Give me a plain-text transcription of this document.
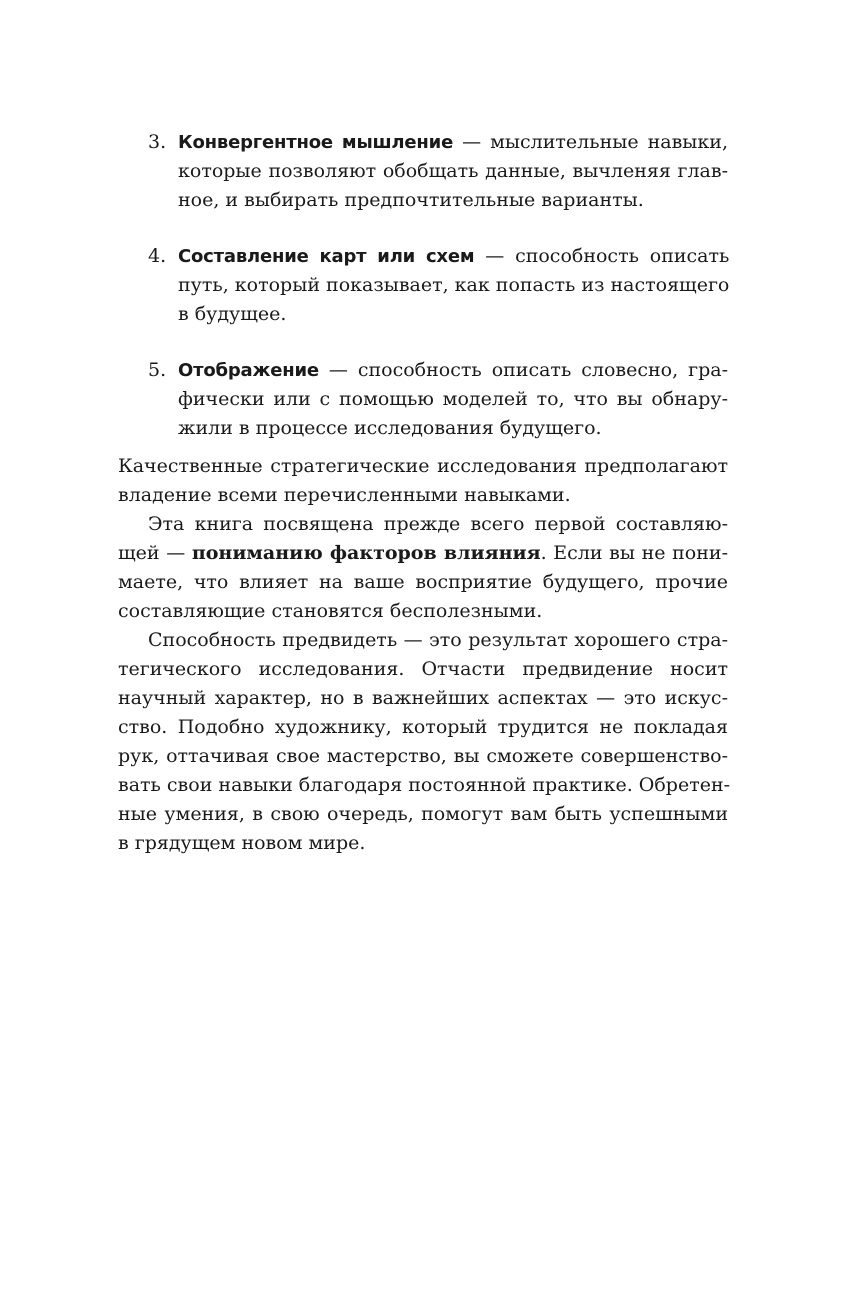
3. Конвергентное мышление — мыслительные навыки,
которые позволяют обобщать данные, вычленяя глав-
ное, и выбирать предпочтительные варианты.
4. Составление карт или схем — способность описать
путь, который показывает, как попасть из настоящего
в будущее.
5. Отображение — способность описать словесно, гра-
фически или с помощью моделей то, что вы обнару-
жили в процессе исследования будущего.
Качественные стратегические исследования предполагают
владение всеми перечисленными навыками.
Эта книга посвящена прежде всего первой составляю-
щей — пониманию факторов влияния. Если вы не пони-
маете, что влияет на ваше восприятие будущего, прочие
составляющие становятся бесполезными.
Способность предвидеть — это результат хорошего стра-
тегического исследования. Отчасти предвидение носит
научный характер, но в важнейших аспектах — это искус-
ство. Подобно художнику, который трудится не покладая
рук, оттачивая свое мастерство, вы сможете совершенство-
вать свои навыки благодаря постоянной практике. Обретен-
ные умения, в свою очередь, помогут вам быть успешными
в грядущем новом мире.
